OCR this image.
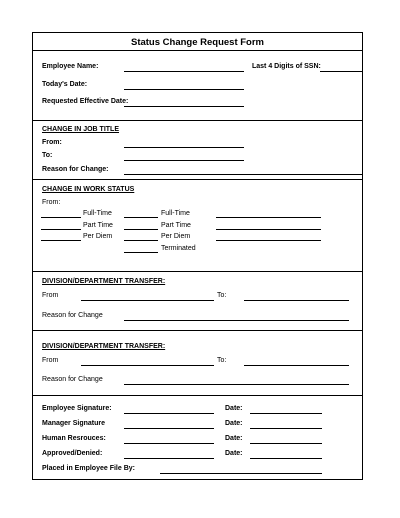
Status Change Request Form
Employee Name:	Last 4 Digits of SSN:
Today's Date:
Requested Effective Date:
CHANGE IN JOB TITLE
From:
To:
Reason for Change:
CHANGE IN WORK STATUS
From:
Full-Time
Part Time
Per Diem
Full-Time
Part Time
Per Diem
Terminated
DIVISION/DEPARTMENT TRANSFER:
From	To:
Reason for Change
DIVISION/DEPARTMENT TRANSFER:
From	To:
Reason for Change
Employee Signature:	Date:
Manager Signature	Date:
Human Resrouces:	Date:
Approved/Denied:	Date:
Placed in Employee File By:
